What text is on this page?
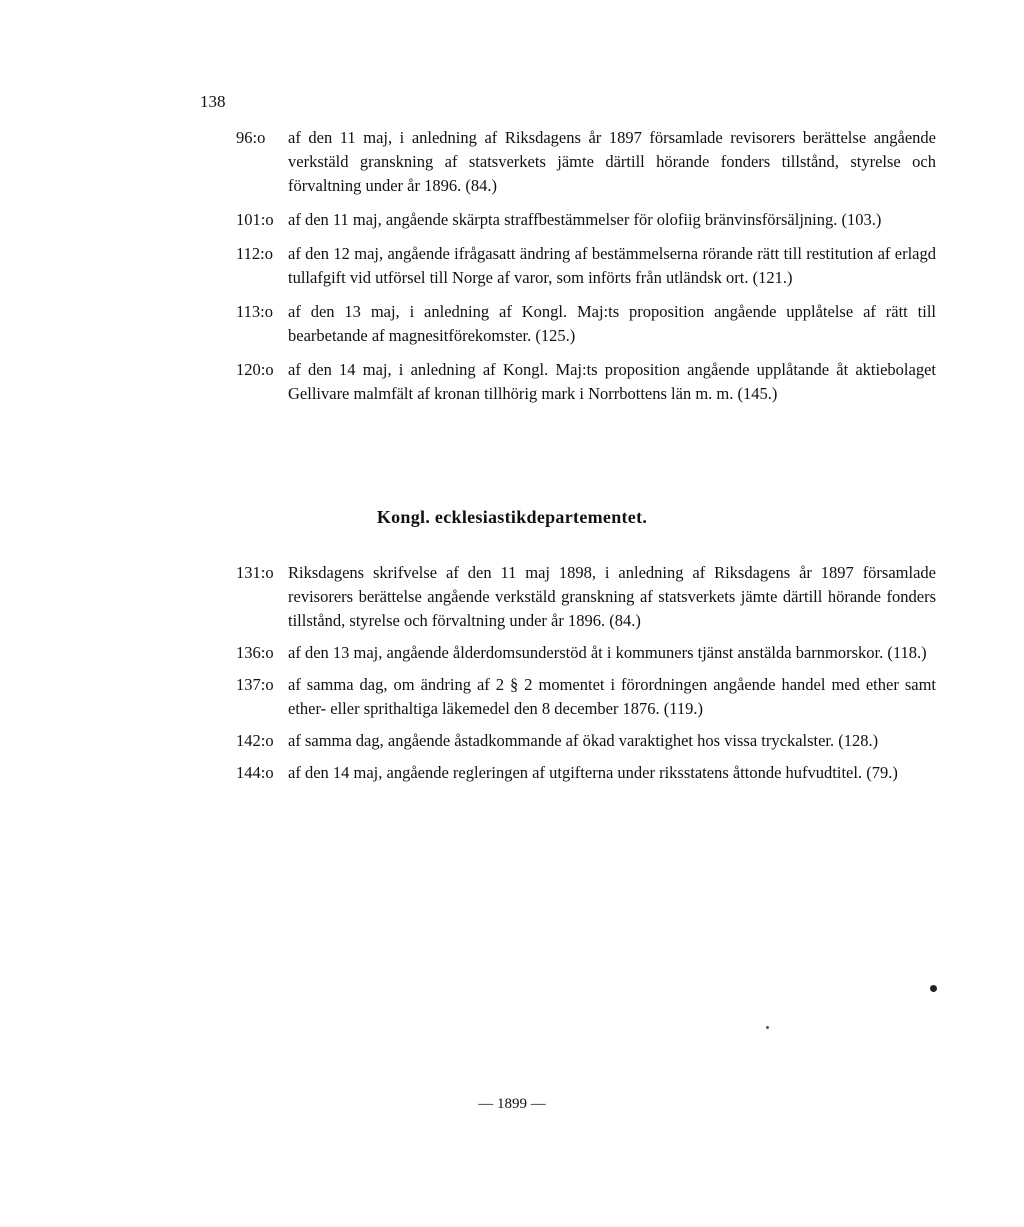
138
96:o	af den 11 maj, i anledning af Riksdagens år 1897 församlade revisorers berättelse angående verkstäld granskning af statsverkets jämte därtill hörande fonders tillstånd, styrelse och förvaltning under år 1896. (84.)
101:o af den 11 maj, angående skärpta straffbestämmelser för olofiig bränvinsförsäljning. (103.)
112:o af den 12 maj, angående ifrågasatt ändring af bestämmelserna rörande rätt till restitution af erlagd tullafgift vid utförsel till Norge af varor, som införts från utländsk ort. (121.)
113:o af den 13 maj, i anledning af Kongl. Maj:ts proposition angående upplåtelse af rätt till bearbetande af magnesitförekomster. (125.)
120:o af den 14 maj, i anledning af Kongl. Maj:ts proposition angående upplåtande åt aktiebolaget Gellivare malmfält af kronan tillhörig mark i Norrbottens län m. m. (145.)
Kongl. ecklesiastikdepartementet.
131:o Riksdagens skrifvelse af den 11 maj 1898, i anledning af Riksdagens år 1897 församlade revisorers berättelse angående verkstäld granskning af statsverkets jämte därtill hörande fonders tillstånd, styrelse och förvaltning under år 1896. (84.)
136:o af den 13 maj, angående ålderdomsunderstöd åt i kommuners tjänst anstälda barnmorskor. (118.)
137:o af samma dag, om ändring af 2 § 2 momentet i förordningen angående handel med ether samt ether- eller sprithaltiga läkemedel den 8 december 1876. (119.)
142:o af samma dag, angående åstadkommande af ökad varaktighet hos vissa tryckalster. (128.)
144:o af den 14 maj, angående regleringen af utgifterna under riksstatens åttonde hufvudtitel. (79.)
— 1899 —
